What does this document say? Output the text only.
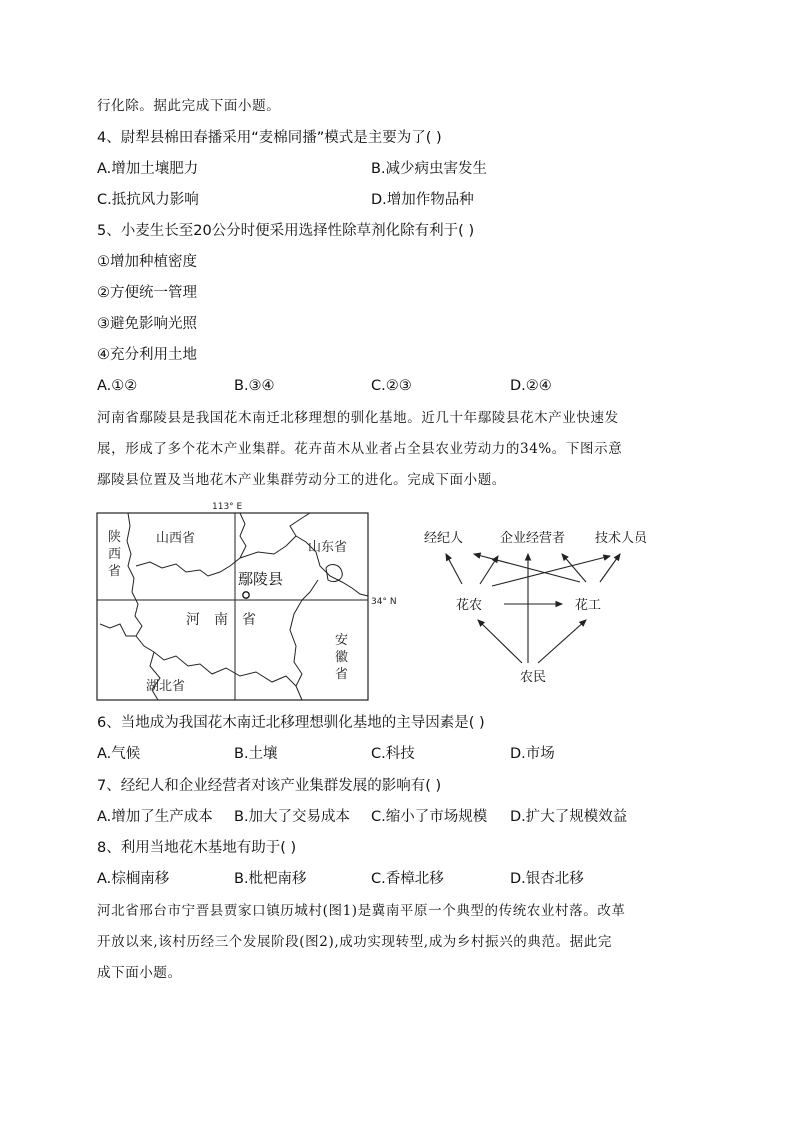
行化除。据此完成下面小题。
4、尉犁县棉田春播采用“麦棉同播”模式是主要为了( )
A.增加土壤肥力	B.减少病虫害发生
C.抵抗风力影响	D.增加作物品种
5、小麦生长至20公分时便采用选择性除草剂化除有利于( )
①增加种植密度
②方便统一管理
③避免影响光照
④充分利用土地
A.①②	B.③④	C.②③	D.②④
河南省鄢陵县是我国花木南迁北移理想的驯化基地。近几十年鄢陵县花木产业快速发
展，形成了多个花木产业集群。花卉苗木从业者占全县农业劳动力的34%。下图示意
鄢陵县位置及当地花木产业集群劳动分工的进化。完成下面小题。
113° E
34° N
陕
西
省
山西省
山东省
河 南 省
安
徽
省
湖北省
鄢陵县
经纪人	企业经营者 技术人员
花农	花工
农民
6、当地成为我国花木南迁北移理想驯化基地的主导因素是( )
A.气候	B.土壤	C.科技	D.市场
7、经纪人和企业经营者对该产业集群发展的影响有( )
A.增加了生产成本 B.加大了交易成本 C.缩小了市场规模 D.扩大了规模效益
8、利用当地花木基地有助于( )
A.棕榈南移	B.枇杷南移	C.香樟北移	D.银杏北移
河北省邢台市宁晋县贾家口镇历城村(图1)是冀南平原一个典型的传统农业村落。改革
开放以来,该村历经三个发展阶段(图2),成功实现转型,成为乡村振兴的典范。据此完
成下面小题。
